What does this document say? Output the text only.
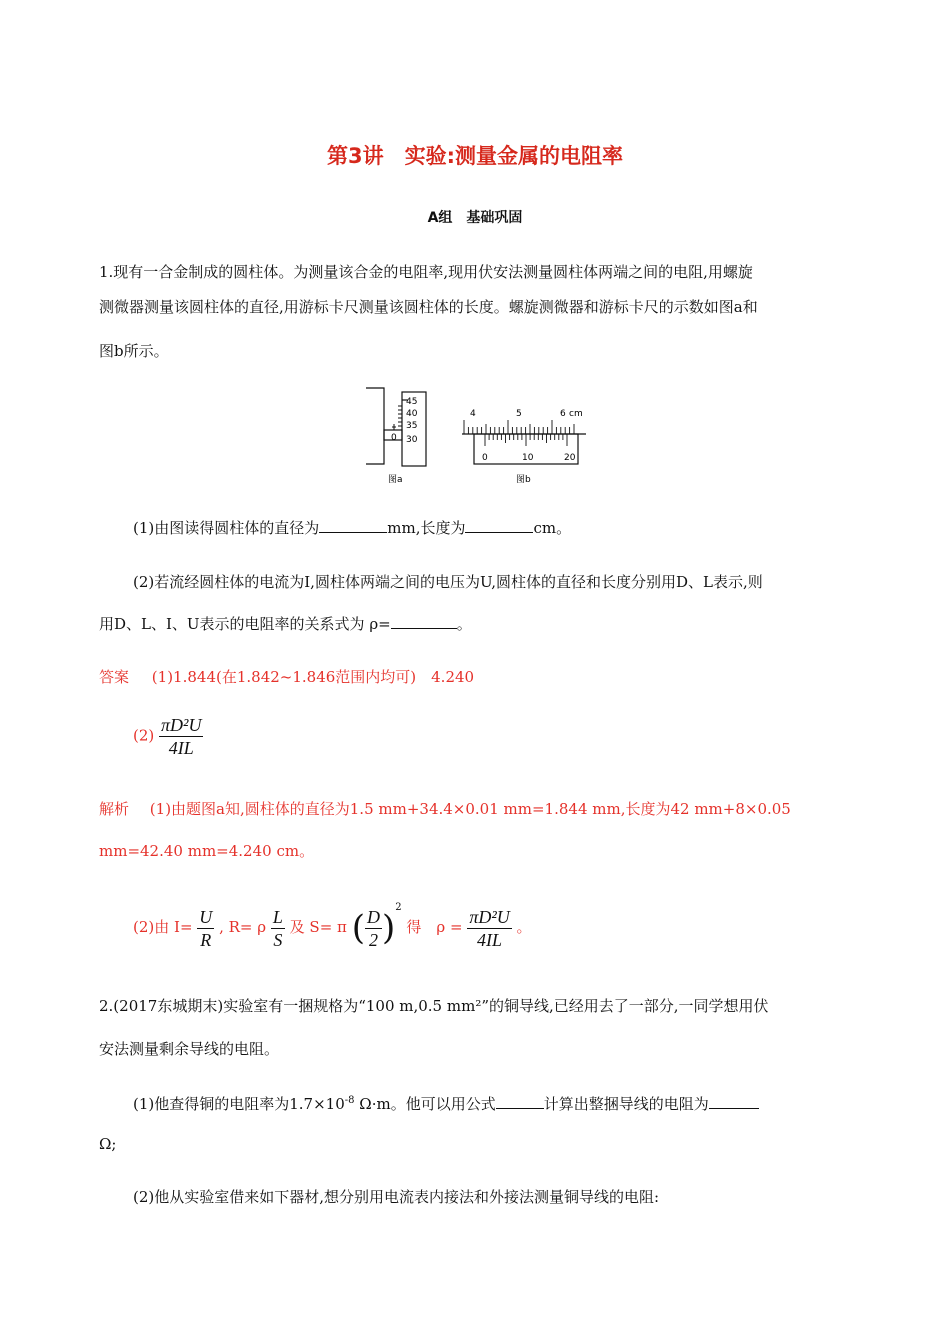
第3讲　实验:测量金属的电阻率
A组　基础巩固
1.现有一合金制成的圆柱体。为测量该合金的电阻率,现用伏安法测量圆柱体两端之间的电阻,用螺旋
测微器测量该圆柱体的直径,用游标卡尺测量该圆柱体的长度。螺旋测微器和游标卡尺的示数如图a和
图b所示。
0
45
40
35
30
图a
4	5	6 cm
0	10	20
图b
(1)由图读得圆柱体的直径为	mm,长度为	cm。
(2)若流经圆柱体的电流为I,圆柱体两端之间的电压为U,圆柱体的直径和长度分别用D、L表示,则
用D、L、I、U表示的电阻率的关系式为 ρ=	。
答案 (1)1.844(在1.842~1.846范围内均可)　4.240
$(2) \frac{\text{πD²U}}{4IL}$
解析 (1)由题图a知,圆柱体的直径为1.5 mm+34.4×0.01 mm=1.844 mm,长度为42 mm+8×0.05
mm=42.40 mm=4.240 cm。
(2)由 $I= \frac{U}{R}$ , R= ρ $\frac{L}{S}$ 及 S= π ( $\frac{D}{2} )^2$ 得　$\rho = \frac{\text{πD²U}}{4IL}$ 。
2.(2017东城期末)实验室有一捆规格为“100 m,0.5 mm²”的铜导线,已经用去了一部分,一同学想用伏
安法测量剩余导线的电阻。
(1)他查得铜的电阻率为$1.7\times 10^{-8}$ Ω·m。他可以用公式	计算出整捆导线的电阻为
Ω;
(2)他从实验室借来如下器材,想分别用电流表内接法和外接法测量铜导线的电阻:
